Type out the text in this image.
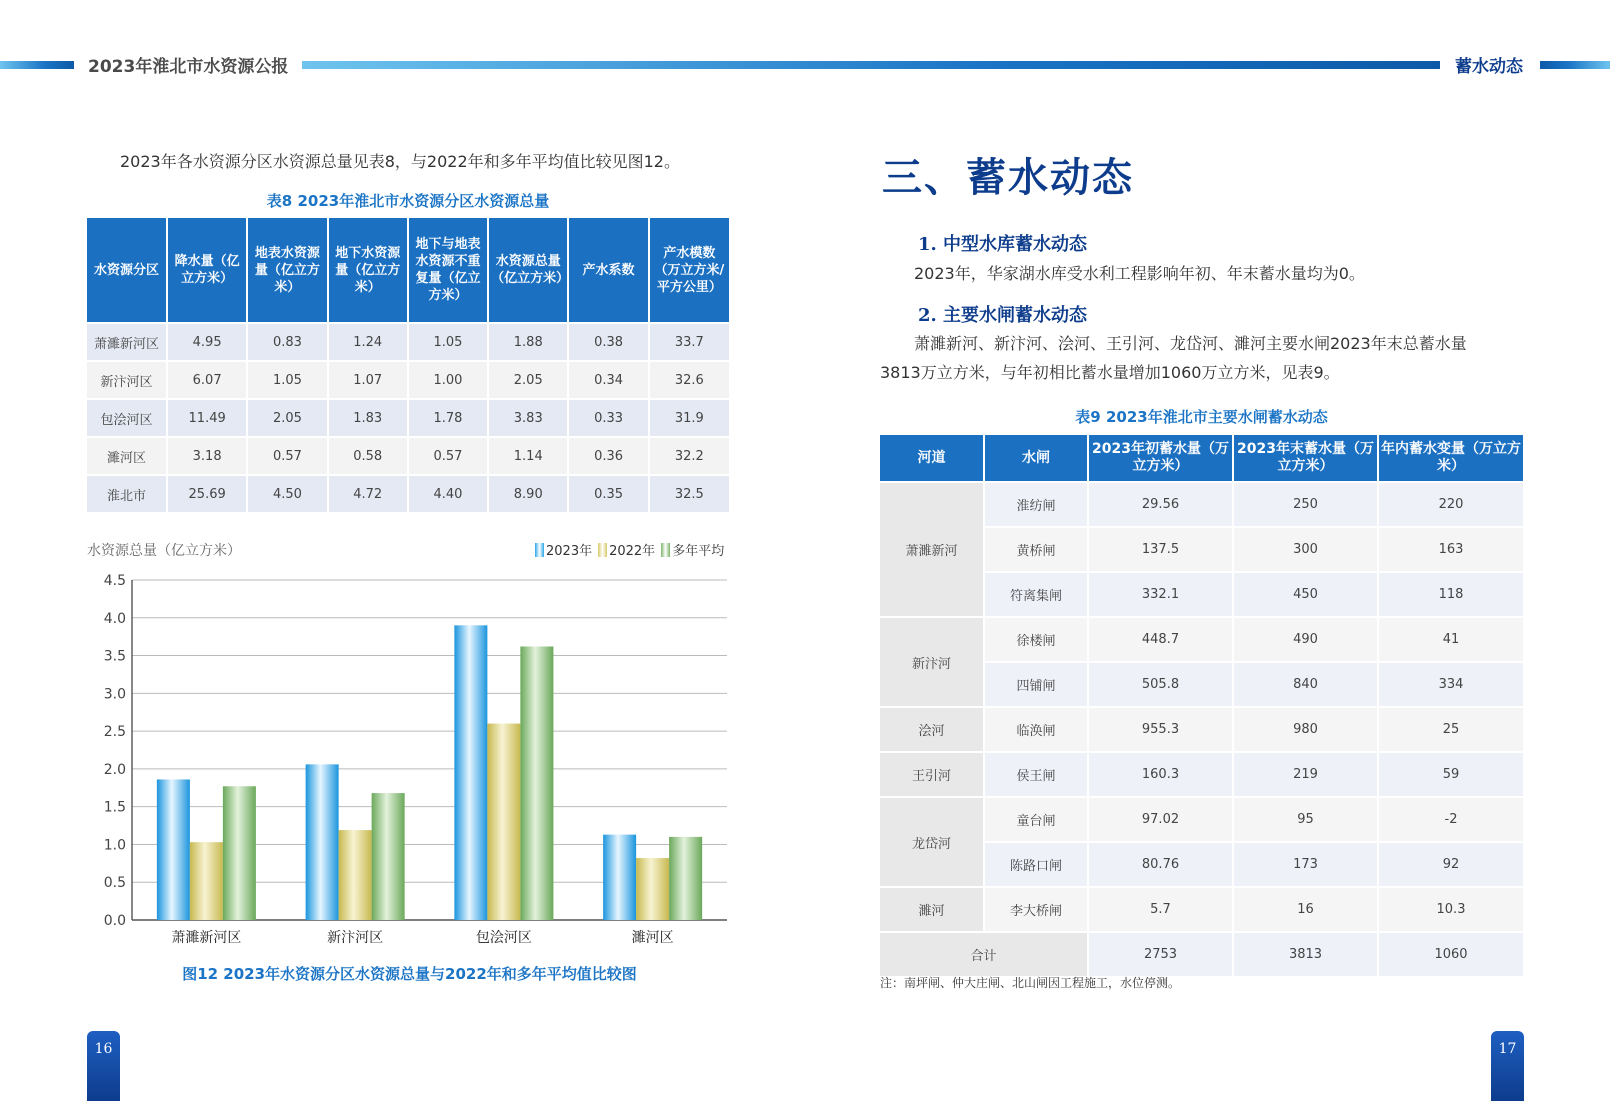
2023年淮北市水资源公报	蓄水动态
2023年各水资源分区水资源总量见表8，与2022年和多年平均值比较见图12。
表8 2023年淮北市水资源分区水资源总量
水资源分区	降水量（亿立方米）	地表水资源量（亿立方米）	地下水资源量（亿立方米）	地下与地表水资源不重复量（亿立方米）	水资源总量（亿立方米）	产水系数	产水模数（万立方米/平方公里）
萧濉新河区	4.95	0.83	1.24	1.05	1.88	0.38	33.7
新汴河区	6.07	1.05	1.07	1.00	2.05	0.34	32.6
包浍河区	11.49	2.05	1.83	1.78	3.83	0.33	31.9
濉河区	3.18	0.57	0.58	0.57	1.14	0.36	32.2
淮北市	25.69	4.50	4.72	4.40	8.90	0.35	32.5
水资源总量（亿立方米）	2023年	2022年	多年平均
0.0
0.5
1.0
1.5
2.0
2.5
3.0
3.5
4.0
4.5
萧濉新河区	新汴河区	包浍河区	濉河区
图12 2023年水资源分区水资源总量与2022年和多年平均值比较图
三、蓄水动态
1. 中型水库蓄水动态
2023年，华家湖水库受水利工程影响年初、年末蓄水量均为0。
2. 主要水闸蓄水动态
萧濉新河、新汴河、浍河、王引河、龙岱河、濉河主要水闸2023年末总蓄水量
3813万立方米，与年初相比蓄水量增加1060万立方米，见表9。
表9 2023年淮北市主要水闸蓄水动态
河道	水闸	2023年初蓄水量（万立方米）	2023年末蓄水量（万立方米）	年内蓄水变量（万立方米）
萧濉新河	淮纺闸	29.56	250	220
	黄桥闸	137.5	300	163
	符离集闸	332.1	450	118
新汴河	徐楼闸	448.7	490	41
	四铺闸	505.8	840	334
浍河	临涣闸	955.3	980	25
王引河	侯王闸	160.3	219	59
龙岱河	童台闸	97.02	95	-2
	陈路口闸	80.76	173	92
濉河	李大桥闸	5.7	16	10.3
合计		2753	3813	1060
注：南坪闸、仲大庄闸、北山闸因工程施工，水位停测。
16	17
